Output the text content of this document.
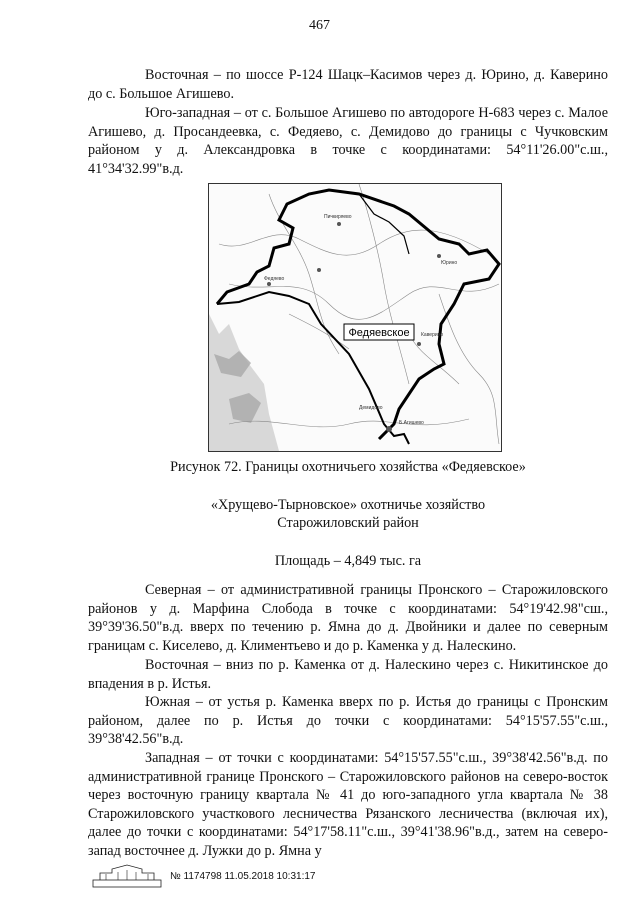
467

Восточная – по шоссе Р-124 Шацк–Касимов через д. Юрино, д. Каверино до с. Большое Агишево.

Юго-западная – от с. Большое Агишево по автодороге Н-683 через с. Малое Агишево, д. Просандеевка, с. Федяево, с. Демидово до границы с Чучковским районом у д. Александровка в точке с координатами: 54°11'26.00"с.ш., 41°34'32.99"в.д.

Федяево
Каверино
Б.Агишево
Юрино
Демидово
Пичкиряево
Федяевское
Рисунок 72. Границы охотничьего хозяйства «Федяевское»
«Хрущево-Тырновское» охотничье хозяйство
Старожиловский район
Площадь – 4,849 тыс. га

Северная – от административной границы Пронского – Старожиловского районов у д. Марфина Слобода в точке с координатами: 54°19'42.98"сш., 39°39'36.50"в.д. вверх по течению р. Ямна до д. Двойники и далее по северным границам с. Киселево, д. Климентьево и до р. Каменка у д. Налескино.

Восточная – вниз по р. Каменка от д. Налескино через с. Никитинское до впадения в р. Истья.

Южная – от устья р. Каменка вверх по р. Истья до границы с Пронским районом, далее по р. Истья до точки с координатами: 54°15'57.55"с.ш., 39°38'42.56"в.д.

Западная – от точки с координатами: 54°15'57.55"с.ш., 39°38'42.56"в.д. по административной границе Пронского – Старожиловского районов на северо-восток через восточную границу квартала № 41 до юго-западного угла квартала № 38 Старожиловского участкового лесничества Рязанского лесничества (включая их), далее до точки с координатами: 54°17'58.11"с.ш., 39°41'38.96"в.д., затем на северо-запад восточнее д. Лужки до р. Ямна у

№ 1174798 11.05.2018 10:31:17
